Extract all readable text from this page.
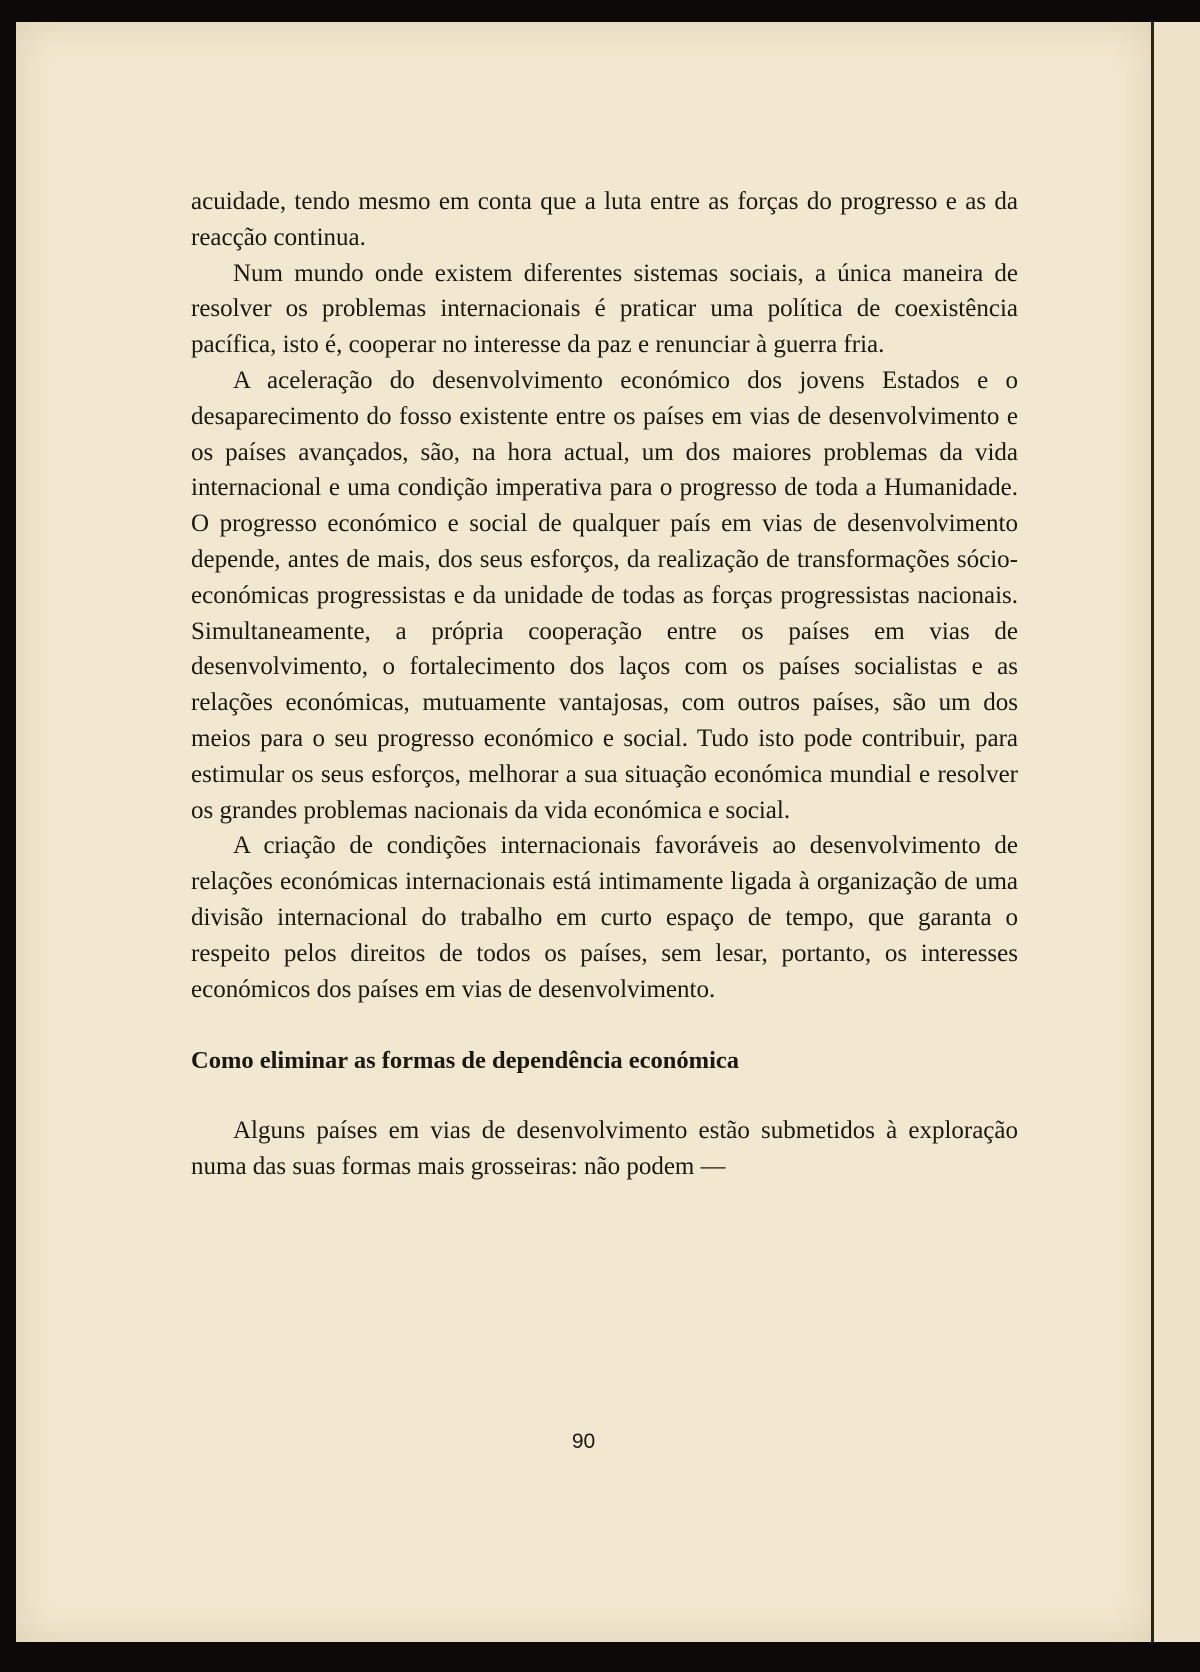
acuidade, tendo mesmo em conta que a luta entre as forças do progresso e as da reacção continua.

Num mundo onde existem diferentes sistemas sociais, a única maneira de resolver os problemas internacionais é praticar uma política de coexistência pacífica, isto é, cooperar no interesse da paz e renunciar à guerra fria.

A aceleração do desenvolvimento económico dos jovens Estados e o desaparecimento do fosso existente entre os países em vias de desenvolvimento e os países avançados, são, na hora actual, um dos maiores problemas da vida internacional e uma condição imperativa para o progresso de toda a Humanidade. O progresso económico e social de qualquer país em vias de desenvolvimento depende, antes de mais, dos seus esforços, da realização de transformações sócio-económicas progressistas e da unidade de todas as forças progressistas nacionais. Simultaneamente, a própria cooperação entre os países em vias de desenvolvimento, o fortalecimento dos laços com os países socialistas e as relações económicas, mutuamente vantajosas, com outros países, são um dos meios para o seu progresso económico e social. Tudo isto pode contribuir, para estimular os seus esforços, melhorar a sua situação económica mundial e resolver os grandes problemas nacionais da vida económica e social.

A criação de condições internacionais favoráveis ao desenvolvimento de relações económicas internacionais está intimamente ligada à organização de uma divisão internacional do trabalho em curto espaço de tempo, que garanta o respeito pelos direitos de todos os países, sem lesar, portanto, os interesses económicos dos países em vias de desenvolvimento.

Como eliminar as formas de dependência económica

Alguns países em vias de desenvolvimento estão submetidos à exploração numa das suas formas mais grosseiras: não podem —

90
